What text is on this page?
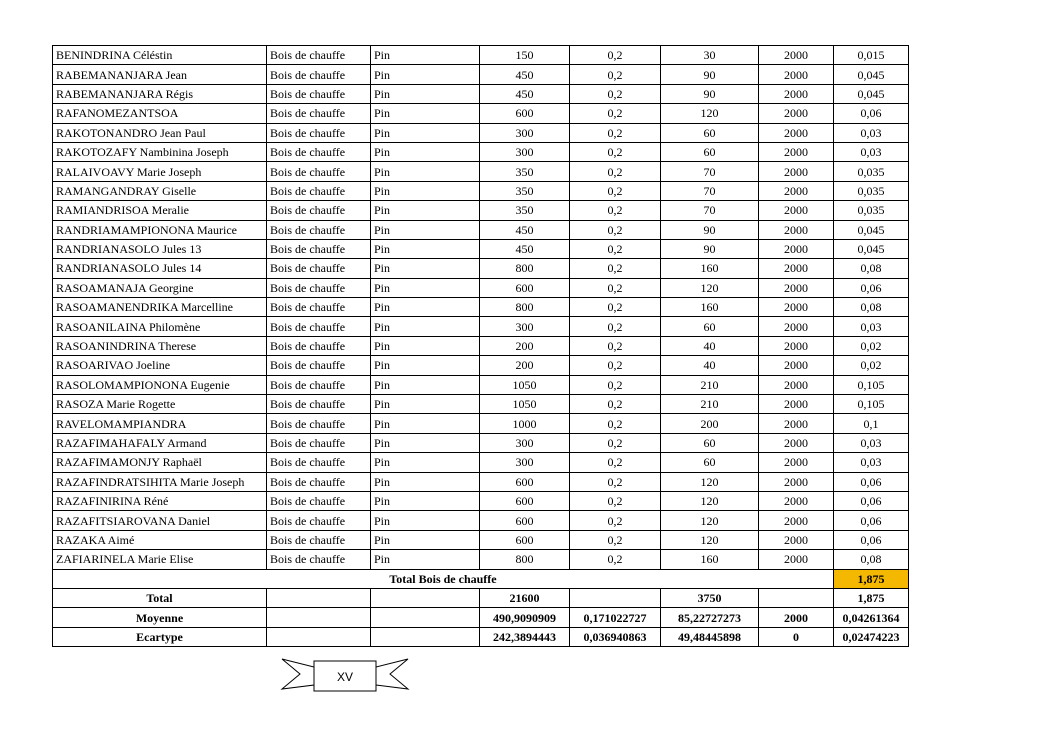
BENINDRINA Céléstin	Bois de chauffe	Pin	150	0,2	30	2000	0,015
RABEMANANJARA Jean	Bois de chauffe	Pin	450	0,2	90	2000	0,045
RABEMANANJARA Régis	Bois de chauffe	Pin	450	0,2	90	2000	0,045
RAFANOMEZANTSOA	Bois de chauffe	Pin	600	0,2	120	2000	0,06
RAKOTONANDRO Jean Paul	Bois de chauffe	Pin	300	0,2	60	2000	0,03
RAKOTOZAFY Nambinina Joseph	Bois de chauffe	Pin	300	0,2	60	2000	0,03
RALAIVOAVY Marie Joseph	Bois de chauffe	Pin	350	0,2	70	2000	0,035
RAMANGANDRAY Giselle	Bois de chauffe	Pin	350	0,2	70	2000	0,035
RAMIANDRISOA Meralie	Bois de chauffe	Pin	350	0,2	70	2000	0,035
RANDRIAMAMPIONONA Maurice	Bois de chauffe	Pin	450	0,2	90	2000	0,045
RANDRIANASOLO Jules 13	Bois de chauffe	Pin	450	0,2	90	2000	0,045
RANDRIANASOLO Jules 14	Bois de chauffe	Pin	800	0,2	160	2000	0,08
RASOAMANAJA Georgine	Bois de chauffe	Pin	600	0,2	120	2000	0,06
RASOAMANENDRIKA Marcelline	Bois de chauffe	Pin	800	0,2	160	2000	0,08
RASOANILAINA Philomène	Bois de chauffe	Pin	300	0,2	60	2000	0,03
RASOANINDRINA Therese	Bois de chauffe	Pin	200	0,2	40	2000	0,02
RASOARIVAO Joeline	Bois de chauffe	Pin	200	0,2	40	2000	0,02
RASOLOMAMPIONONA Eugenie	Bois de chauffe	Pin	1050	0,2	210	2000	0,105
RASOZA Marie Rogette	Bois de chauffe	Pin	1050	0,2	210	2000	0,105
RAVELOMAMPIANDRA	Bois de chauffe	Pin	1000	0,2	200	2000	0,1
RAZAFIMAHAFALY Armand	Bois de chauffe	Pin	300	0,2	60	2000	0,03
RAZAFIMAMONJY Raphaël	Bois de chauffe	Pin	300	0,2	60	2000	0,03
RAZAFINDRATSIHITA Marie Joseph	Bois de chauffe	Pin	600	0,2	120	2000	0,06
RAZAFINIRINA Réné	Bois de chauffe	Pin	600	0,2	120	2000	0,06
RAZAFITSIAROVANA Daniel	Bois de chauffe	Pin	600	0,2	120	2000	0,06
RAZAKA Aimé	Bois de chauffe	Pin	600	0,2	120	2000	0,06
ZAFIARINELA Marie Elise	Bois de chauffe	Pin	800	0,2	160	2000	0,08
Total Bois de chauffe							1,875
Total			21600		3750		1,875
Moyenne			490,9090909	0,171022727	85,22727273	2000	0,04261364
Ecartype			242,3894443	0,036940863	49,48445898	0	0,02474223
XV
